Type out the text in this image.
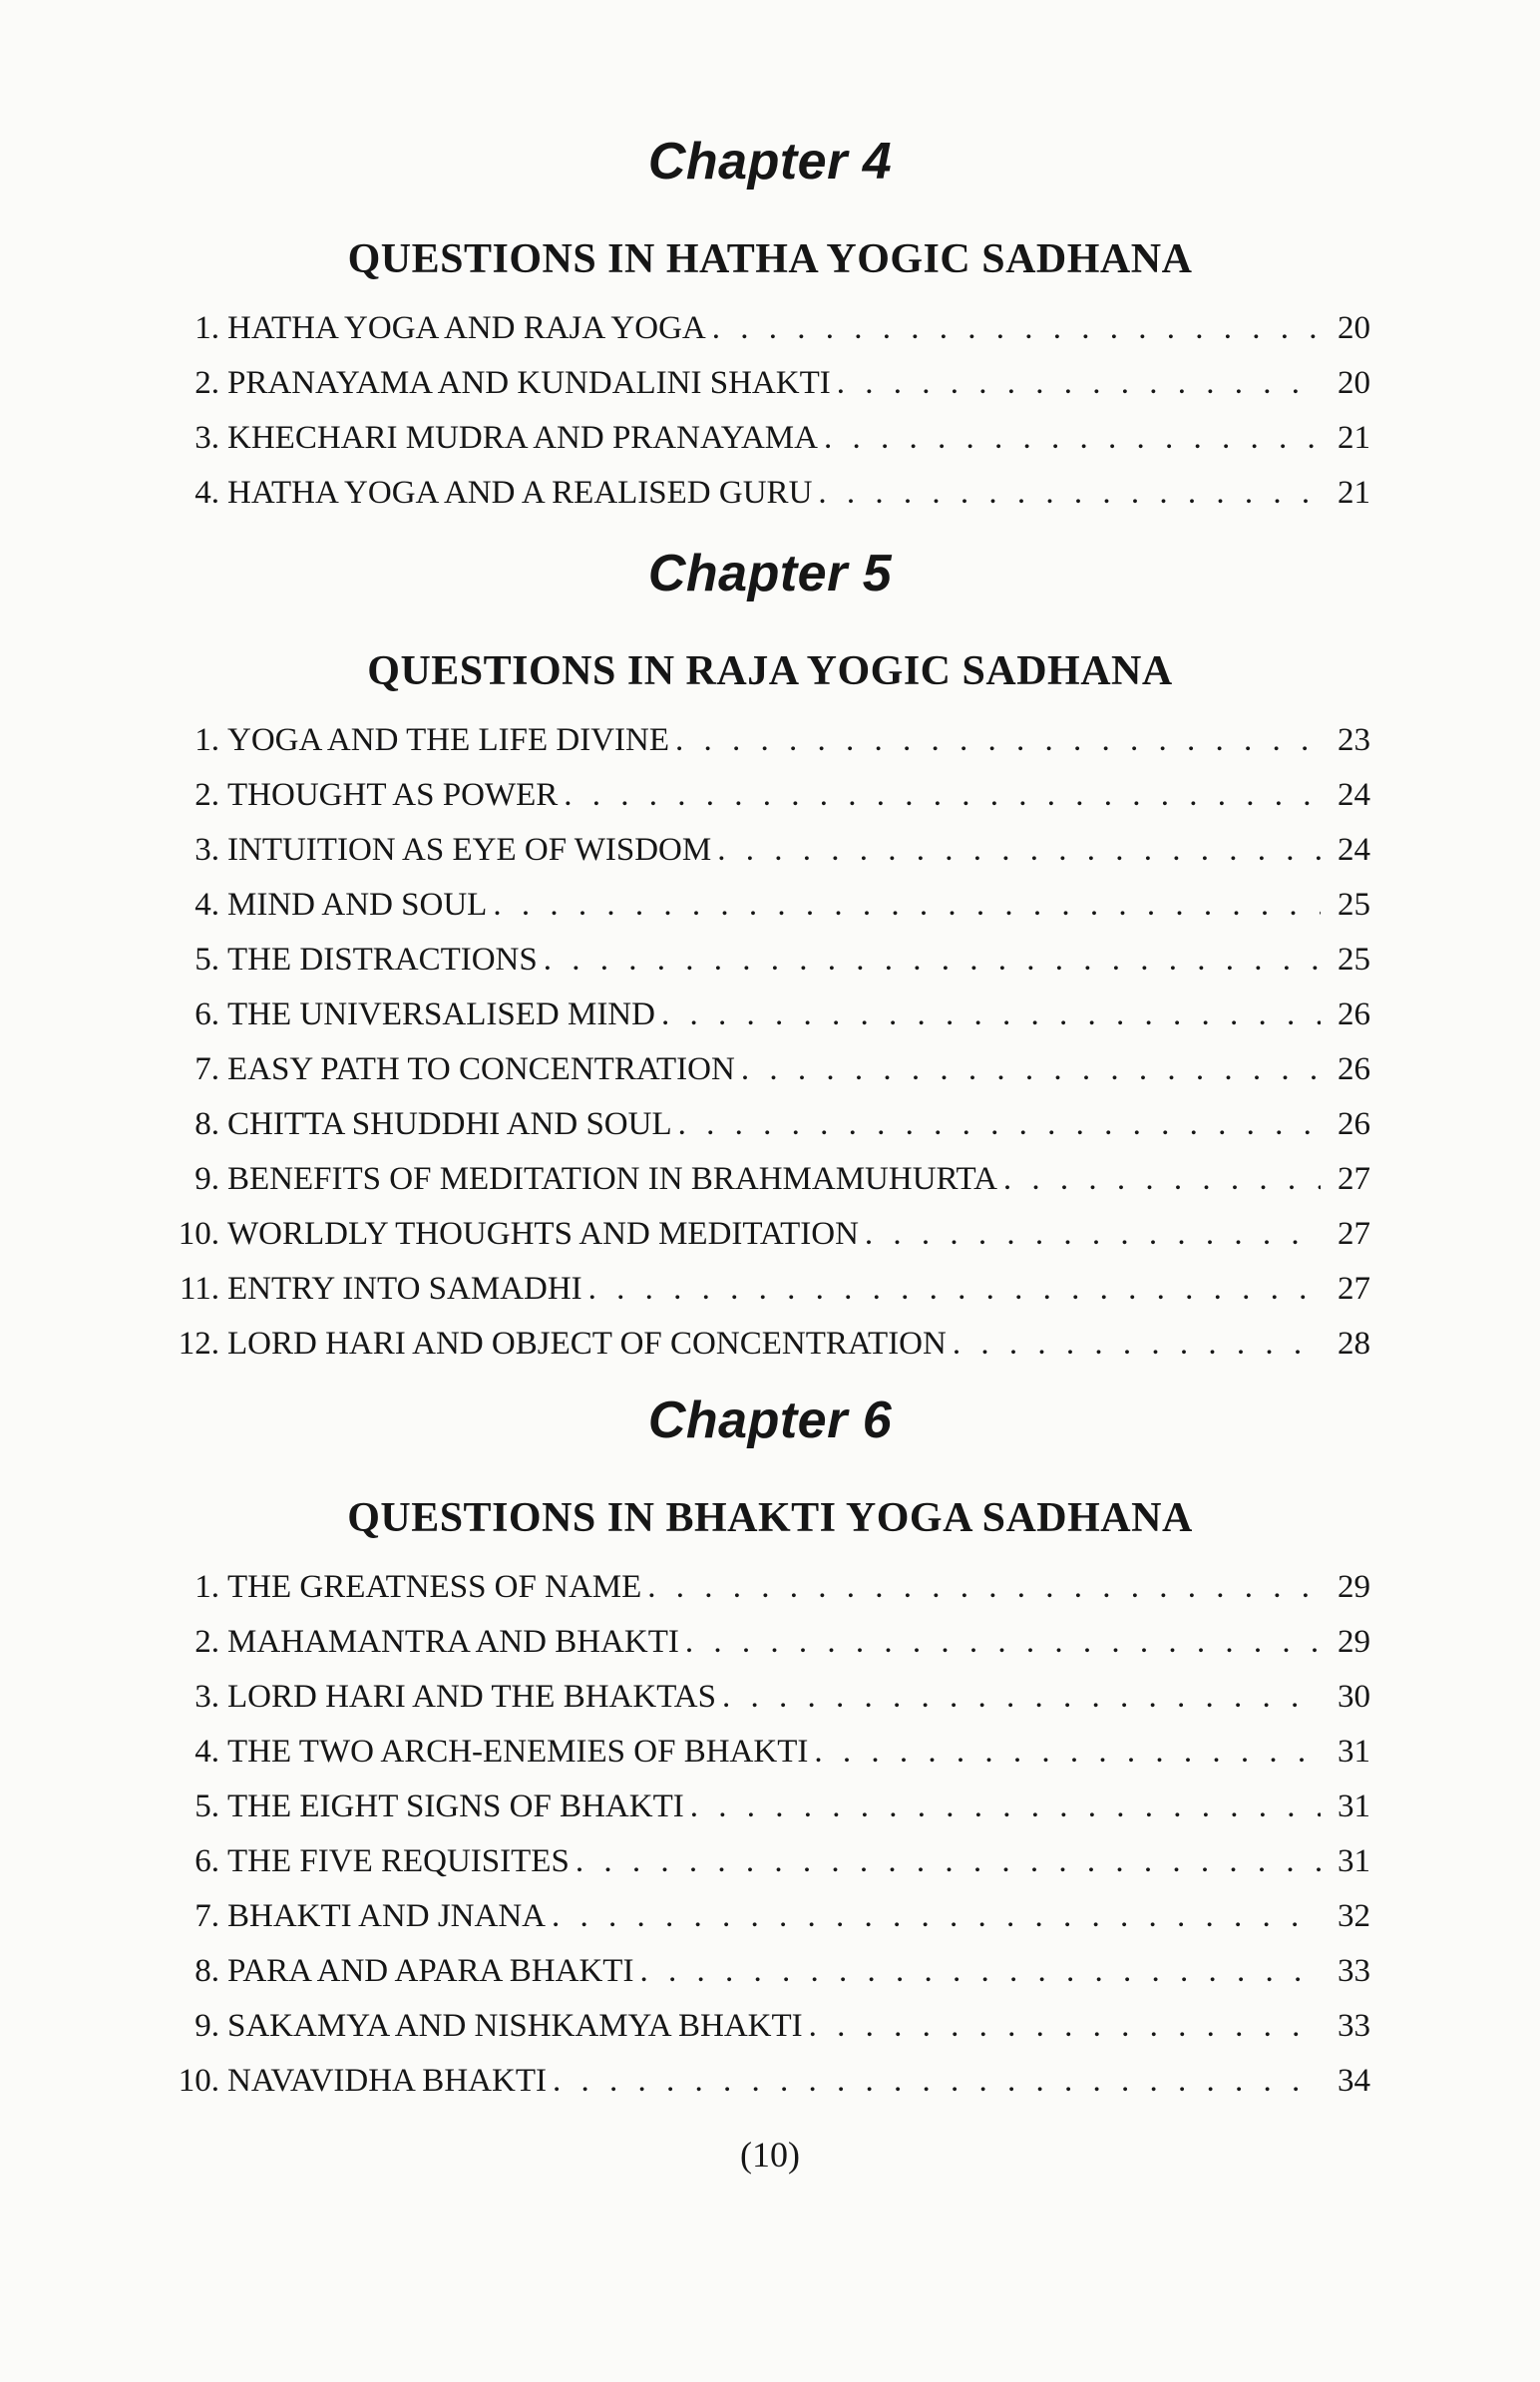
Chapter 4
QUESTIONS IN HATHA YOGIC SADHANA
1. HATHA YOGA AND RAJA YOGA . . .	20
2. PRANAYAMA AND KUNDALINI SHAKTI . . .	20
3. KHECHARI MUDRA AND PRANAYAMA . . .	21
4. HATHA YOGA AND A REALISED GURU . . .	21
Chapter 5
QUESTIONS IN RAJA YOGIC SADHANA
1. YOGA AND THE LIFE DIVINE . . .	23
2. THOUGHT AS POWER . . .	24
3. INTUITION AS EYE OF WISDOM . . .	24
4. MIND AND SOUL . . .	25
5. THE DISTRACTIONS . . .	25
6. THE UNIVERSALISED MIND . . .	26
7. EASY PATH TO CONCENTRATION . . .	26
8. CHITTA SHUDDHI AND SOUL . . .	26
9. BENEFITS OF MEDITATION IN BRAHMAMUHURTA . . .	27
10. WORLDLY THOUGHTS AND MEDITATION . . .	27
11. ENTRY INTO SAMADHI . . .	27
12. LORD HARI AND OBJECT OF CONCENTRATION . . .	28
Chapter 6
QUESTIONS IN BHAKTI YOGA SADHANA
1. THE GREATNESS OF NAME . . .	29
2. MAHAMANTRA AND BHAKTI . . .	29
3. LORD HARI AND THE BHAKTAS . . .	30
4. THE TWO ARCH-ENEMIES OF BHAKTI . . .	31
5. THE EIGHT SIGNS OF BHAKTI . . .	31
6. THE FIVE REQUISITES . . .	31
7. BHAKTI AND JNANA . . .	32
8. PARA AND APARA BHAKTI . . .	33
9. SAKAMYA AND NISHKAMYA BHAKTI . . .	33
10. NAVAVIDHA BHAKTI . . .	34
(10)
